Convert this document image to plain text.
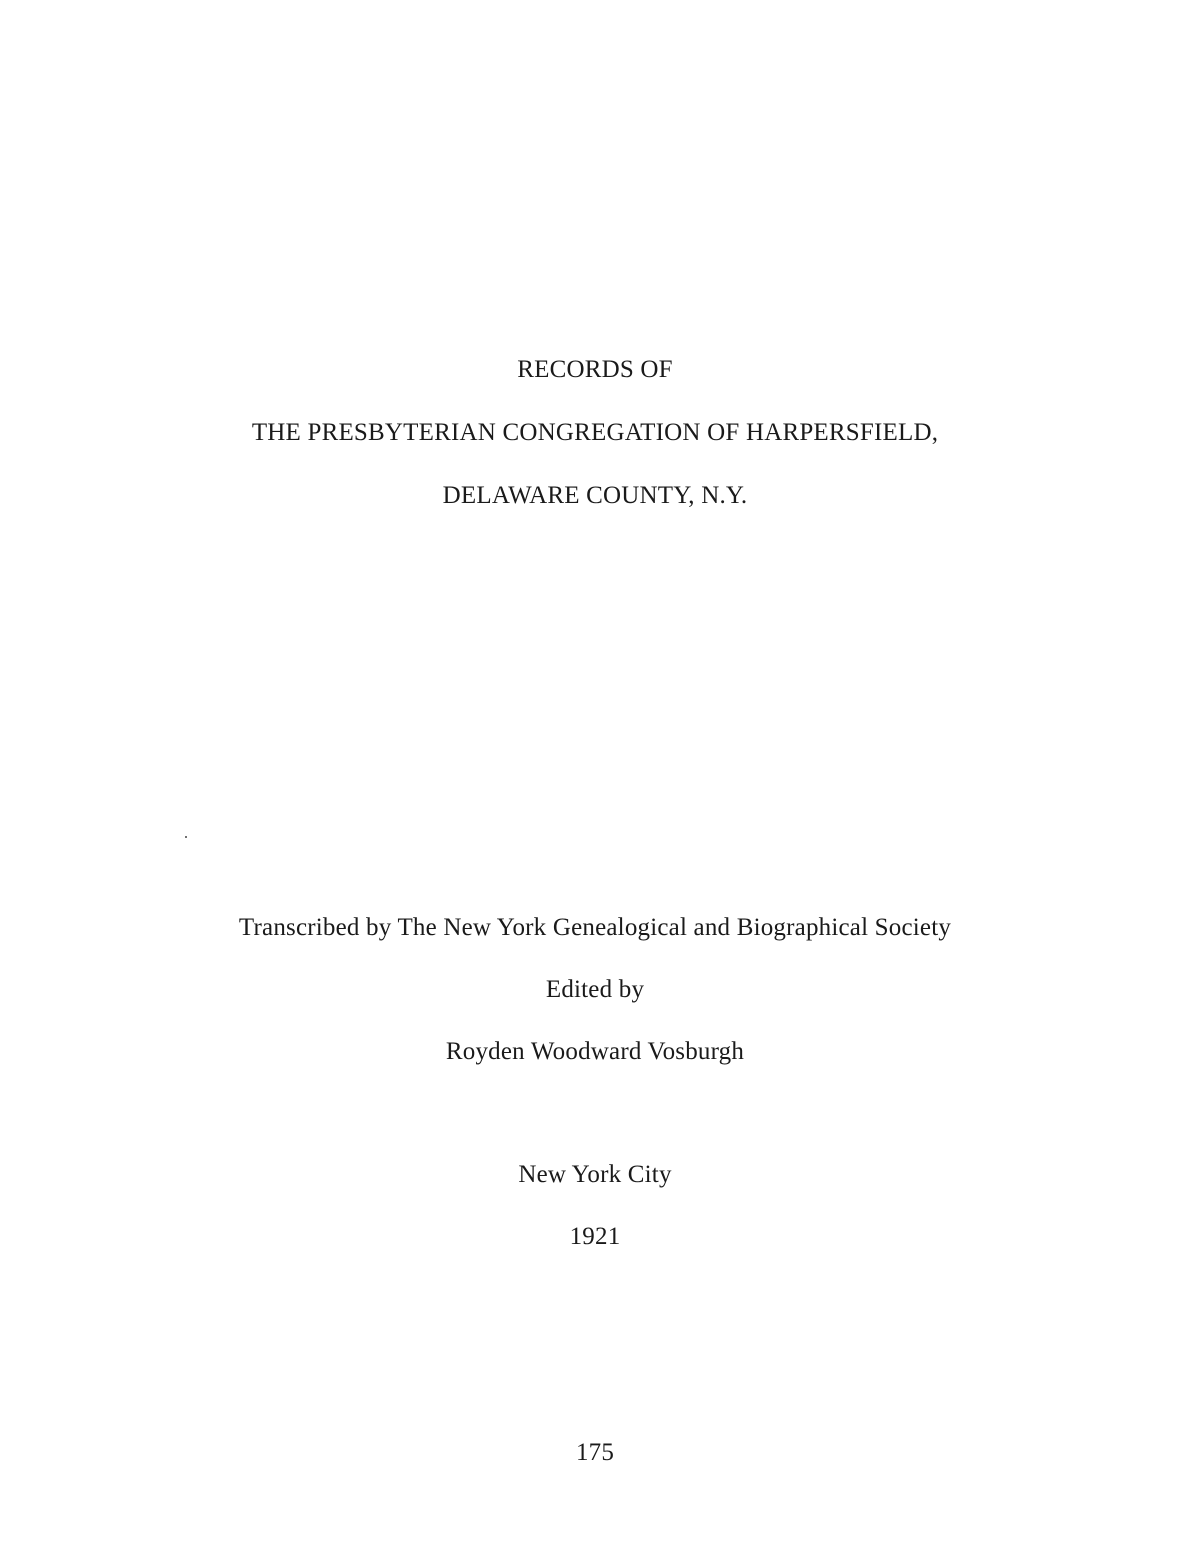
RECORDS OF
THE PRESBYTERIAN CONGREGATION OF HARPERSFIELD,
DELAWARE COUNTY, N.Y.
Transcribed by The New York Genealogical and Biographical Society
Edited by
Royden Woodward Vosburgh
New York City
1921
175
